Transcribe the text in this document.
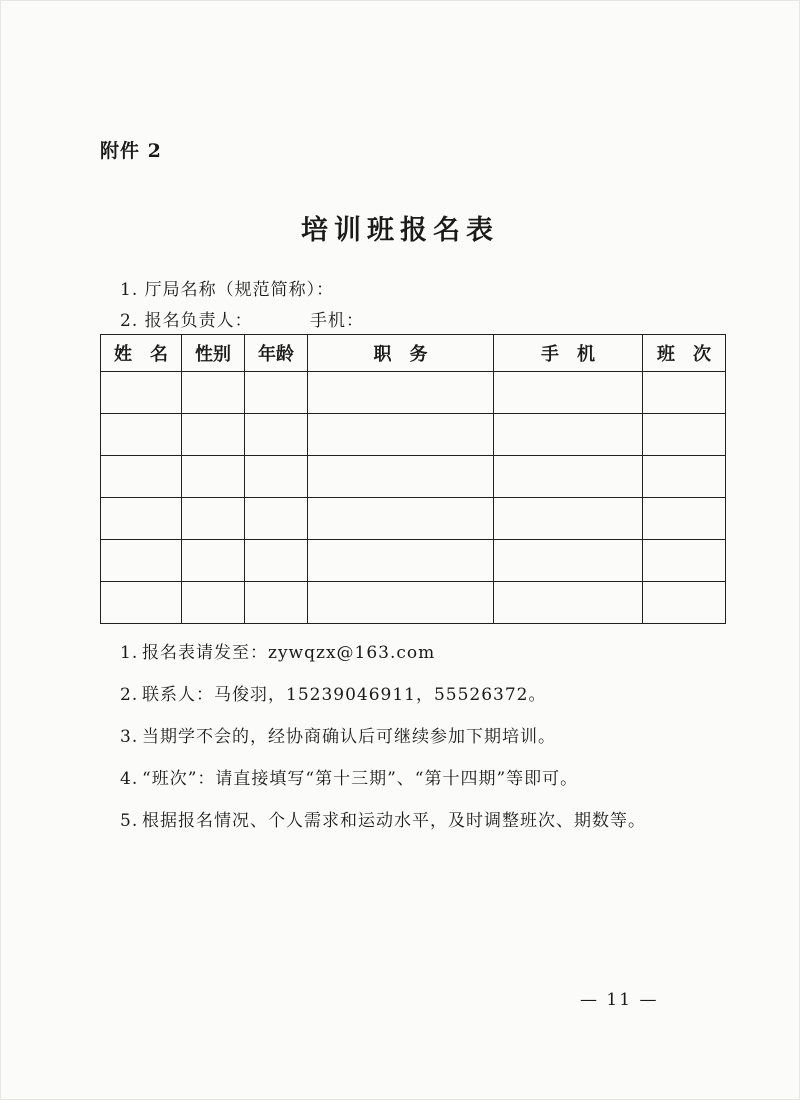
附件 2
培训班报名表
1. 厅局名称（规范简称）：
2. 报名负责人：	手机：
姓　名	性别	年龄	职　务	手　机	班　次

1. 报名表请发至：zywqzx@163.com
2. 联系人：马俊羽，15239046911，55526372。
3. 当期学不会的，经协商确认后可继续参加下期培训。
4. “班次”：请直接填写“第十三期”、“第十四期”等即可。
5. 根据报名情况、个人需求和运动水平，及时调整班次、期数等。
— 11 —
